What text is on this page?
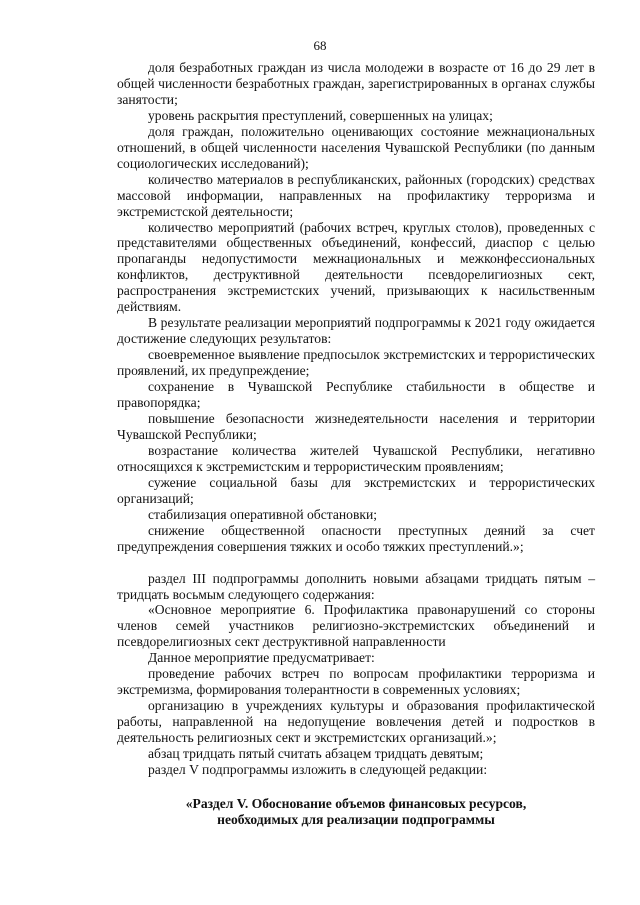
68

доля безработных граждан из числа молодежи в возрасте от 16 до 29 лет в общей численности безработных граждан, зарегистрированных в органах службы занятости;

уровень раскрытия преступлений, совершенных на улицах;

доля граждан, положительно оценивающих состояние межнациональных отношений, в общей численности населения Чувашской Республики (по данным социологических исследований);

количество материалов в республиканских, районных (городских) средствах массовой информации, направленных на профилактику терроризма и экстремистской деятельности;

количество мероприятий (рабочих встреч, круглых столов), проведенных с представителями общественных объединений, конфессий, диаспор с целью пропаганды недопустимости межнациональных и межконфессиональных конфликтов, деструктивной деятельности псевдорелигиозных сект, распространения экстремистских учений, призывающих к насильственным действиям.

В результате реализации мероприятий подпрограммы к 2021 году ожидается достижение следующих результатов:

своевременное выявление предпосылок экстремистских и террористических проявлений, их предупреждение;

сохранение в Чувашской Республике стабильности в обществе и правопорядка;

повышение безопасности жизнедеятельности населения и территории Чувашской Республики;

возрастание количества жителей Чувашской Республики, негативно относящихся к экстремистским и террористическим проявлениям;

сужение социальной базы для экстремистских и террористических организаций;

стабилизация оперативной обстановки;

снижение общественной опасности преступных деяний за счет предупреждения совершения тяжких и особо тяжких преступлений.»;

раздел III подпрограммы дополнить новыми абзацами тридцать пятым – тридцать восьмым следующего содержания:

«Основное мероприятие 6. Профилактика правонарушений со стороны членов семей участников религиозно-экстремистских объединений и псевдорелигиозных сект деструктивной направленности

Данное мероприятие предусматривает:

проведение рабочих встреч по вопросам профилактики терроризма и экстремизма, формирования толерантности в современных условиях;

организацию в учреждениях культуры и образования профилактической работы, направленной на недопущение вовлечения детей и подростков в деятельность религиозных сект и экстремистских организаций.»;

абзац тридцать пятый считать абзацем тридцать девятым;

раздел V подпрограммы изложить в следующей редакции:

«Раздел V. Обоснование объемов финансовых ресурсов,
необходимых для реализации подпрограммы
